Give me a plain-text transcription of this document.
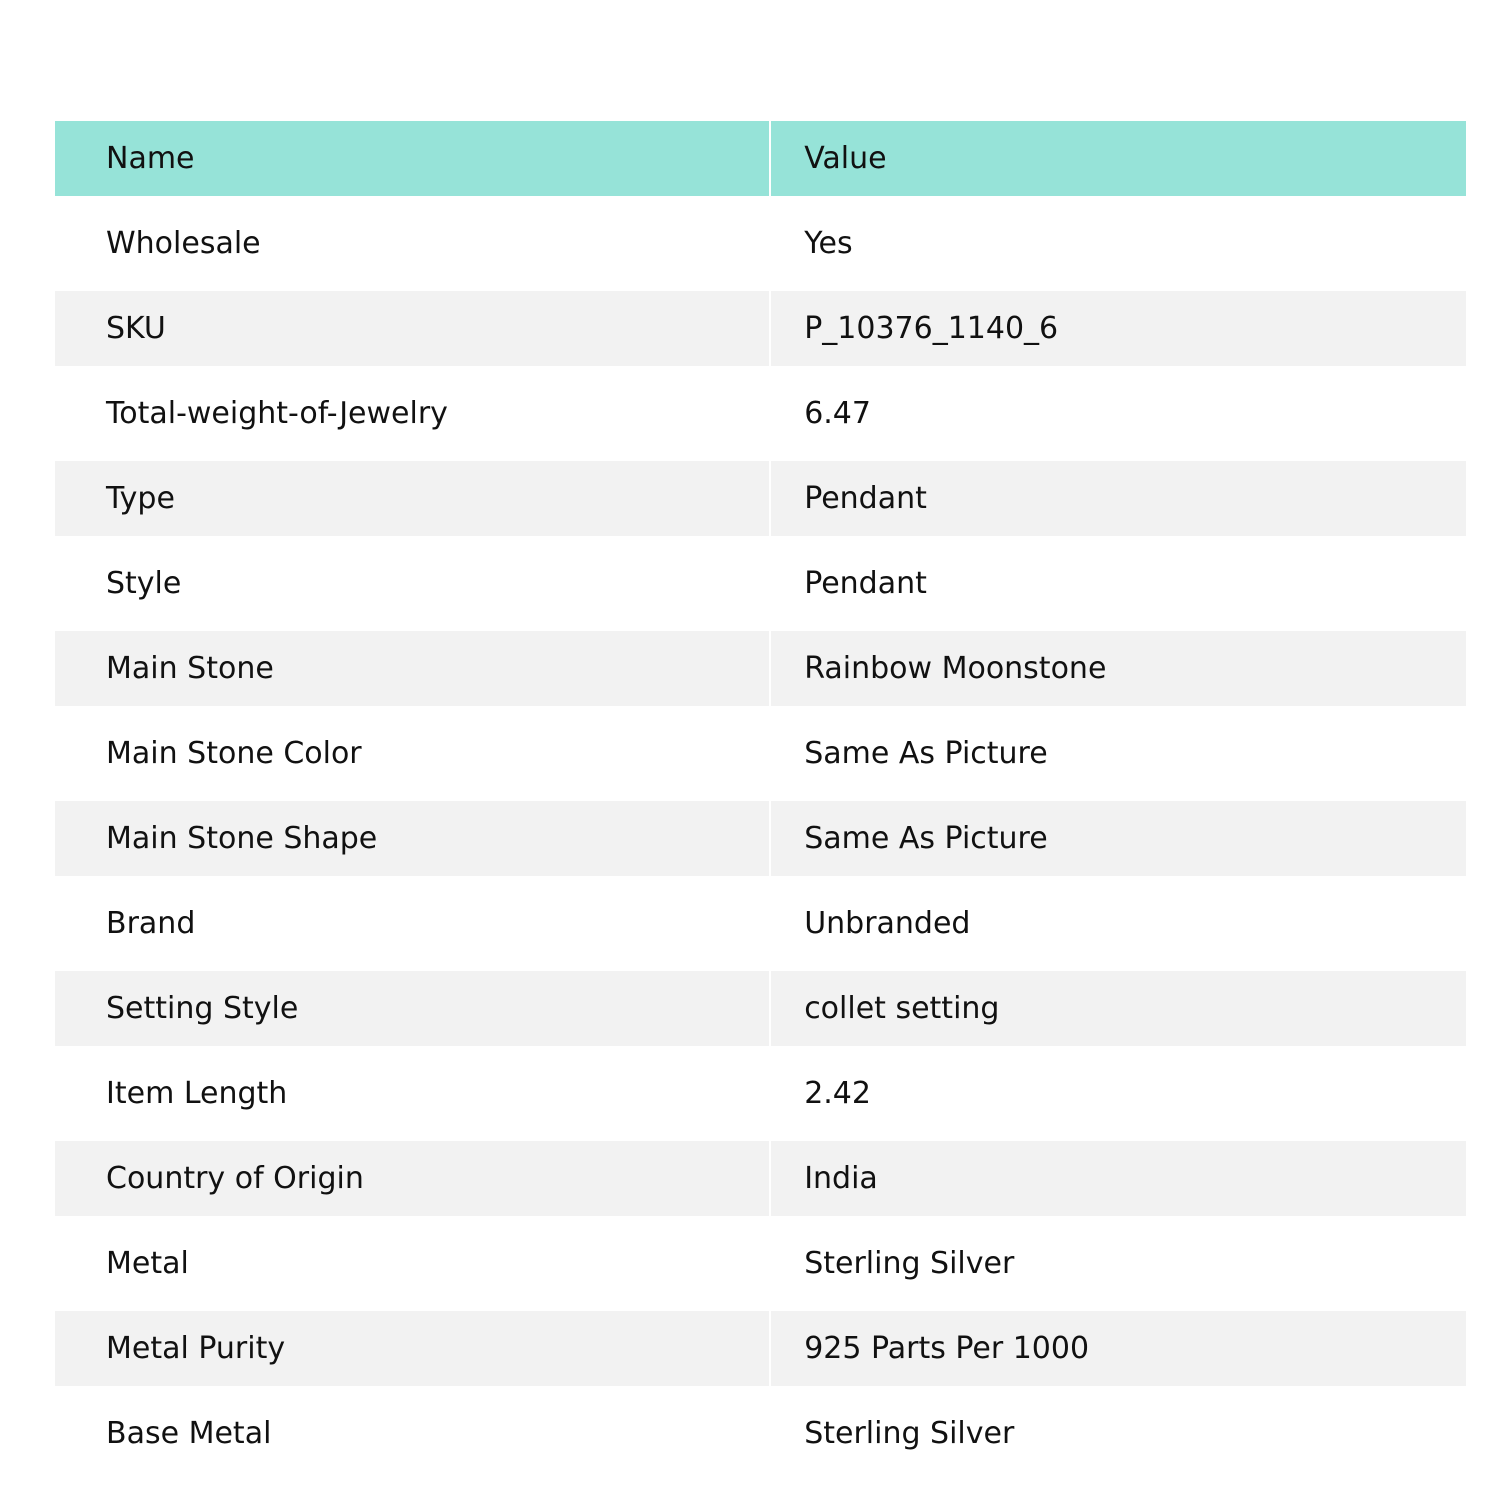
Name	Value
Wholesale	Yes
SKU	P_10376_1140_6
Total-weight-of-Jewelry	6.47
Type	Pendant
Style	Pendant
Main Stone	Rainbow Moonstone
Main Stone Color	Same As Picture
Main Stone Shape	Same As Picture
Brand	Unbranded
Setting Style	collet setting
Item Length	2.42
Country of Origin	India
Metal	Sterling Silver
Metal Purity	925 Parts Per 1000
Base Metal	Sterling Silver
